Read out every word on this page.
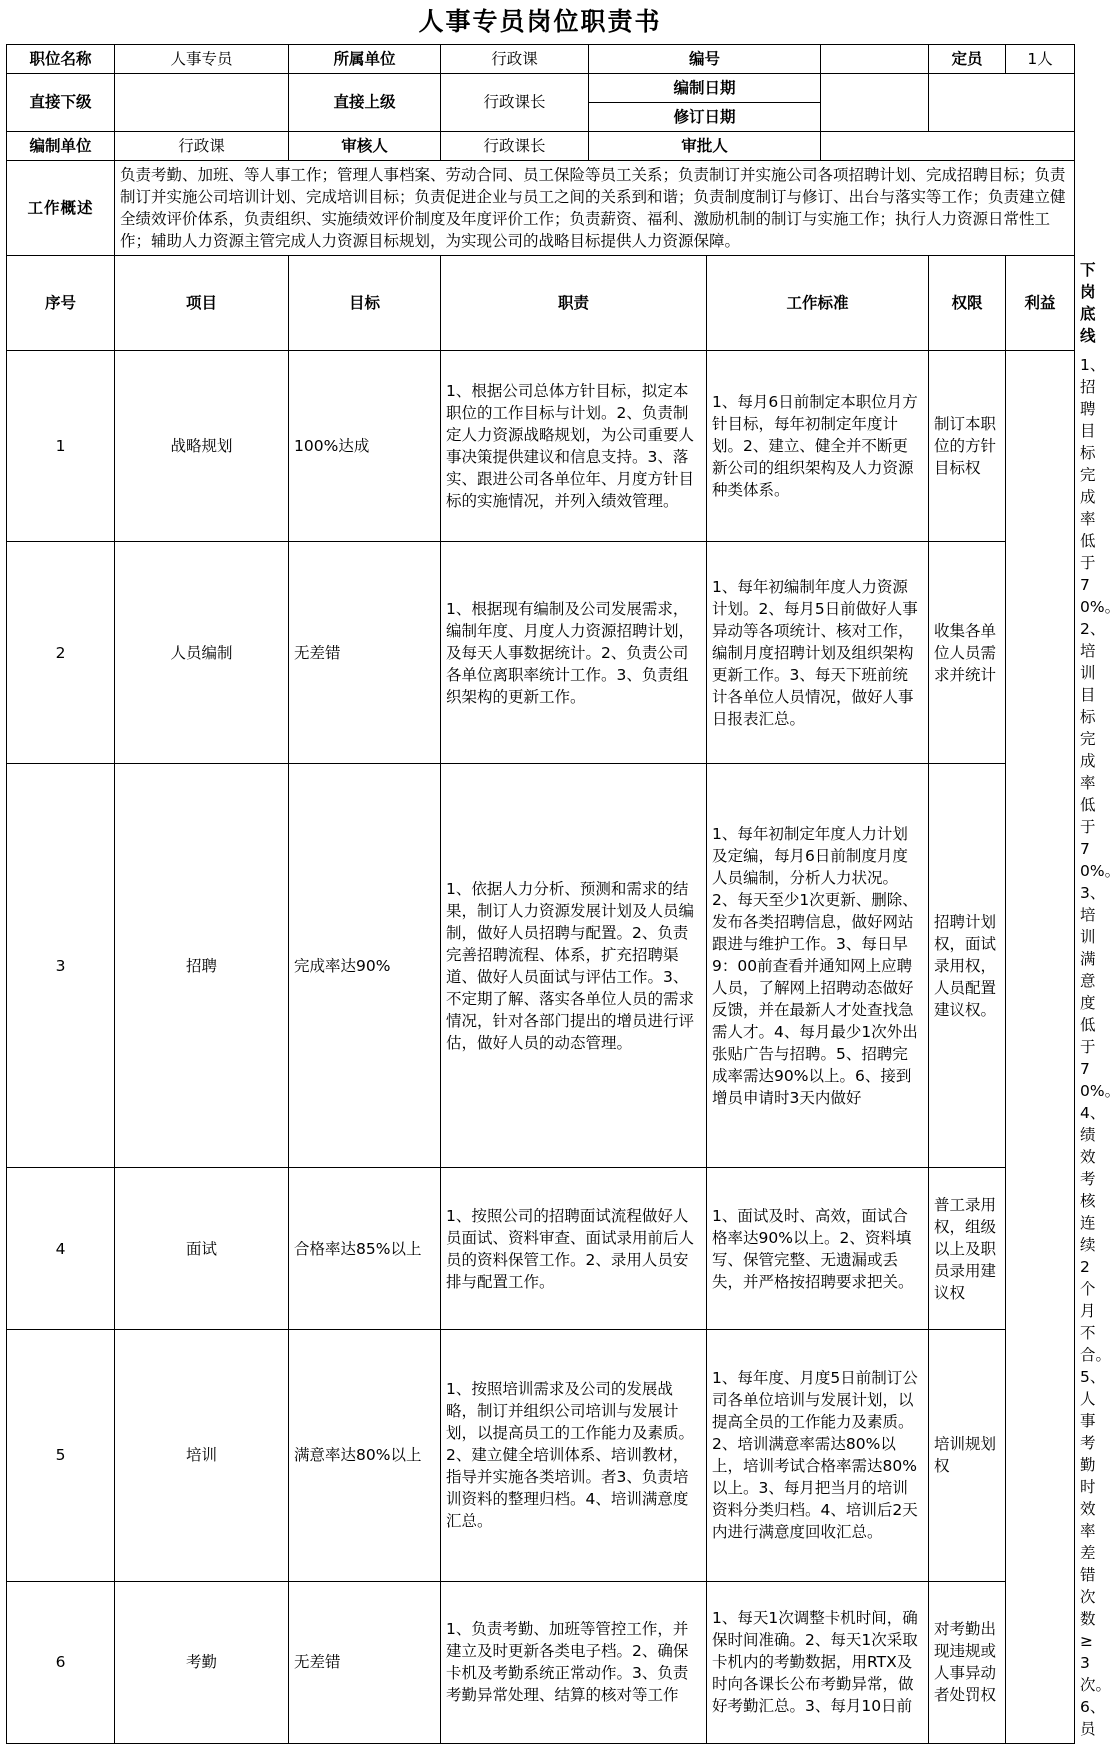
人事专员岗位职责书
职位名称	人事专员	所属单位	行政课	编号			定员	1人	
直接下级		直接上级	行政课长	编制日期					
				修订日期					
编制单位	行政课	审核人	行政课长	审批人					
工作概述	负责考勤、加班、等人事工作；管理人事档案、劳动合同、员工保险等员工关系；负责制订并实施公司各项招聘计划、完成招聘目标；负责制订并实施公司培训计划、完成培训目标；负责促进企业与员工之间的关系到和谐；负责制度制订与修订、出台与落实等工作；负责建立健全绩效评价体系，负责组织、实施绩效评价制度及年度评价工作；负责薪资、福利、激励机制的制订与实施工作；执行人力资源日常性工作；辅助人力资源主管完成人力资源目标规划，为实现公司的战略目标提供人力资源保障。								
序号	项目	目标	职责		工作标准		权限	利益	下岗底线
1	战略规划	100%达成	1、根据公司总体方针目标，拟定本职位的工作目标与计划。2、负责制定人力资源战略规划，为公司重要人事决策提供建议和信息支持。3、落实、跟进公司各单位年、月度方针目标的实施情况，并列入绩效管理。		1、每月6日前制定本职位月方针目标，每年初制定年度计划。2、建立、健全并不断更新公司的组织架构及人力资源种类体系。		制订本职位的方针目标权		1、招聘目标完成率低于70%。2、培训目标完成率低于70%。3、培训满意度低于70%。4、绩效考核连续2个月不合。5、人事考勤时效率差错次数≥3次。6、员
2	人员编制	无差错	1、根据现有编制及公司发展需求，编制年度、月度人力资源招聘计划，及每天人事数据统计。2、负责公司各单位离职率统计工作。3、负责组织架构的更新工作。		1、每年初编制年度人力资源计划。2、每月5日前做好人事异动等各项统计、核对工作，编制月度招聘计划及组织架构更新工作。3、每天下班前统计各单位人员情况，做好人事日报表汇总。		收集各单位人员需求并统计		
3	招聘	完成率达90%	1、依据人力分析、预测和需求的结果，制订人力资源发展计划及人员编制，做好人员招聘与配置。2、负责完善招聘流程、体系，扩充招聘渠道、做好人员面试与评估工作。3、不定期了解、落实各单位人员的需求情况，针对各部门提出的增员进行评估，做好人员的动态管理。		1、每年初制定年度人力计划及定编，每月6日前制度月度人员编制，分析人力状况。2、每天至少1次更新、删除、发布各类招聘信息，做好网站跟进与维护工作。3、每日早9：00前查看并通知网上应聘人员，了解网上招聘动态做好反馈，并在最新人才处查找急需人才。4、每月最少1次外出张贴广告与招聘。5、招聘完成率需达90%以上。6、接到增员申请时3天内做好		招聘计划权，面试录用权，人员配置建议权。		
4	面试	合格率达85%以上	1、按照公司的招聘面试流程做好人员面试、资料审查、面试录用前后人员的资料保管工作。2、录用人员安排与配置工作。		1、面试及时、高效，面试合格率达90%以上。2、资料填写、保管完整、无遗漏或丢失，并严格按招聘要求把关。		普工录用权，组级以上及职员录用建议权		
5	培训	满意率达80%以上	1、按照培训需求及公司的发展战略，制订并组织公司培训与发展计划，以提高员工的工作能力及素质。2、建立健全培训体系、培训教材，指导并实施各类培训。者3、负责培训资料的整理归档。4、培训满意度汇总。		1、每年度、月度5日前制订公司各单位培训与发展计划，以提高全员的工作能力及素质。2、培训满意率需达80%以上，培训考试合格率需达80%以上。3、每月把当月的培训资料分类归档。4、培训后2天内进行满意度回收汇总。		培训规划权		
6	考勤	无差错	1、负责考勤、加班等管控工作，并建立及时更新各类电子档。2、确保卡机及考勤系统正常动作。3、负责考勤异常处理、结算的核对等工作		1、每天1次调整卡机时间，确保时间准确。2、每天1次采取卡机内的考勤数据，用RTX及时向各课长公布考勤异常，做好考勤汇总。3、每月10日前		对考勤出现违规或人事异动者处罚权		
